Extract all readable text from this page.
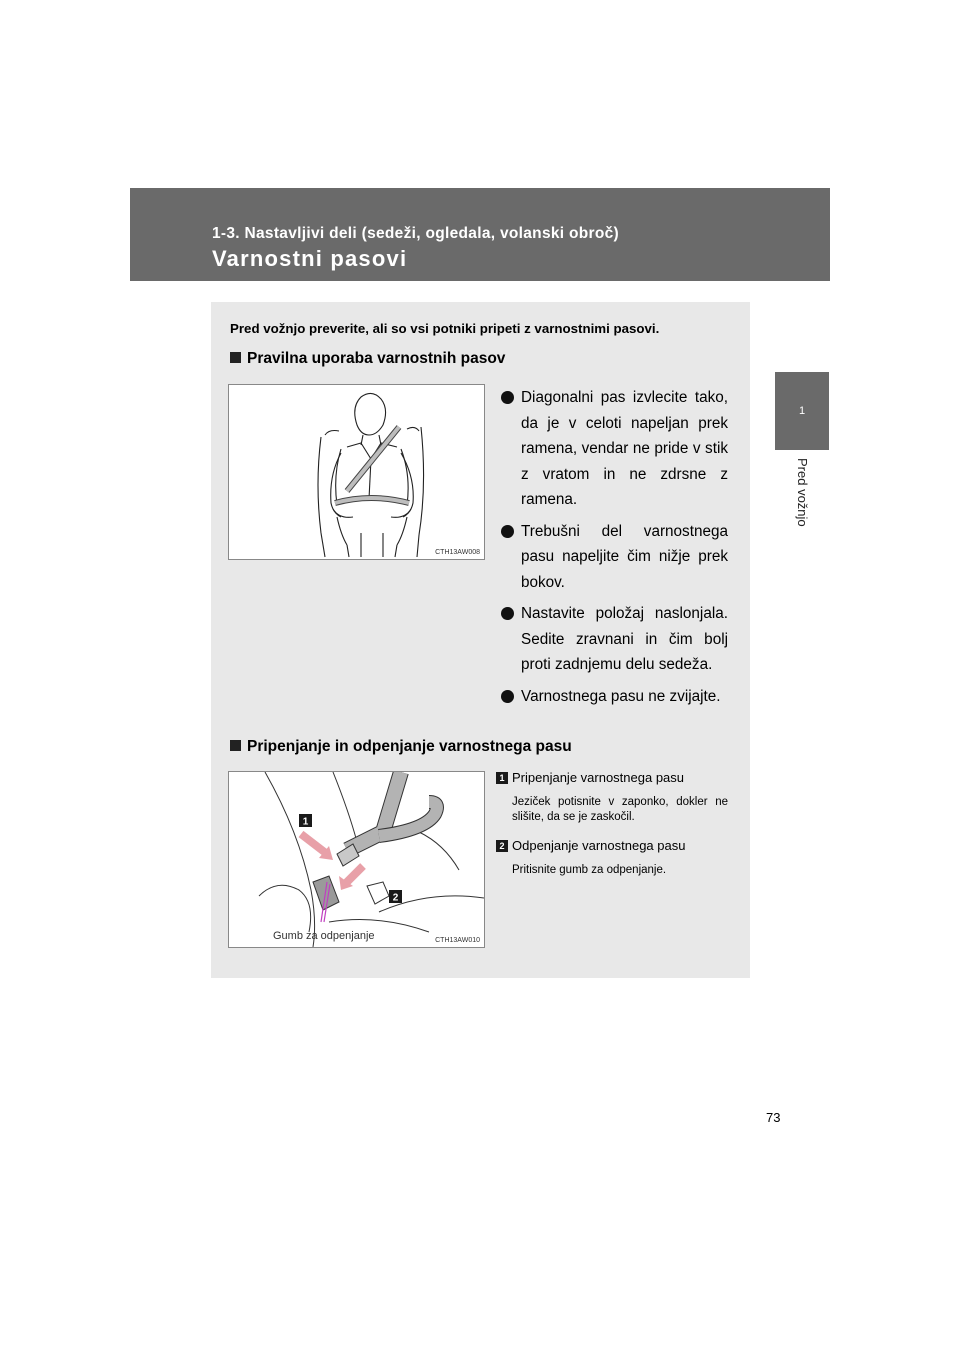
1-3. Nastavljivi deli (sedeži, ogledala, volanski obroč)
Varnostni pasovi
1
Pred vožnjo
Pred vožnjo preverite, ali so vsi potniki pripeti z varnostnimi pasovi.
Pravilna uporaba varnostnih pasov
CTH13AW008
Diagonalni pas izvlecite tako, da je v celoti napeljan prek ramena, vendar ne pride v stik z vratom in ne zdrsne z ramena.
Trebušni del varnostnega pasu napeljite čim nižje prek bokov.
Nastavite položaj naslonjala. Sedite zravnani in čim bolj proti zadnjemu delu sedeža.
Varnostnega pasu ne zvijajte.
Pripenjanje in odpenjanje varnostnega pasu
1
2
Gumb za odpenjanje	CTH13AW010
1 Pripenjanje varnostnega pasu
Jeziček potisnite v zaponko, dokler ne slišite, da se je zaskočil.
2 Odpenjanje varnostnega pasu
Pritisnite gumb za odpenjanje.
73
